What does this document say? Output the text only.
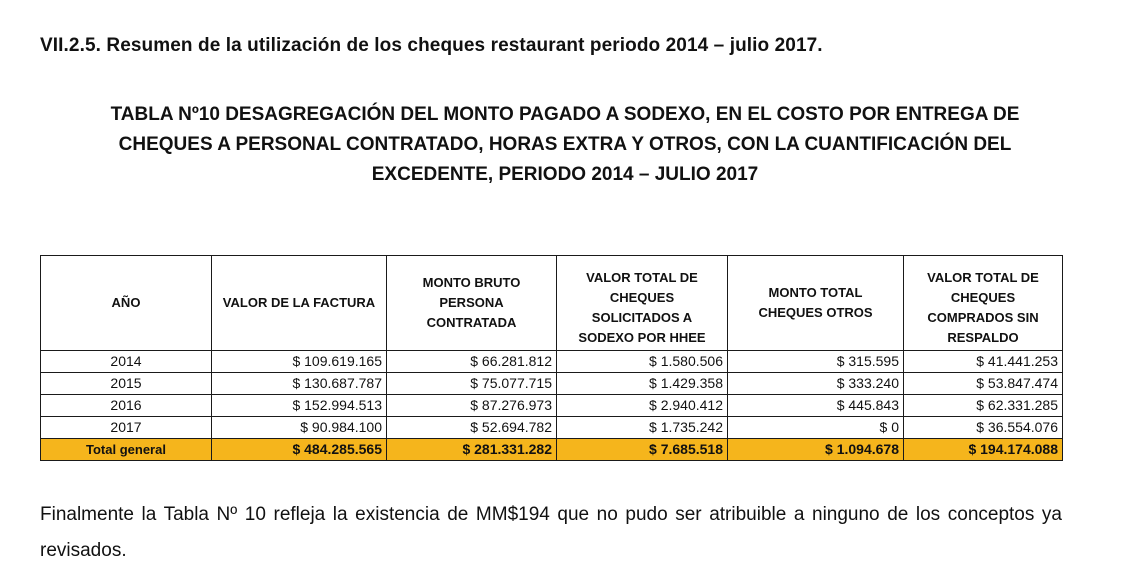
VII.2.5. Resumen de la utilización de los cheques restaurant periodo 2014 – julio 2017.
TABLA Nº10 DESAGREGACIÓN DEL MONTO PAGADO A SODEXO, EN EL COSTO POR ENTREGA DE
CHEQUES A PERSONAL CONTRATADO, HORAS EXTRA Y OTROS, CON LA CUANTIFICACIÓN DEL
EXCEDENTE, PERIODO 2014 – JULIO 2017
AÑO	VALOR DE LA FACTURA	MONTO BRUTO PERSONA CONTRATADA	VALOR TOTAL DE CHEQUES SOLICITADOS A SODEXO POR HHEE	MONTO TOTAL CHEQUES OTROS	VALOR TOTAL DE CHEQUES COMPRADOS SIN RESPALDO
2014	$ 109.619.165	$ 66.281.812	$ 1.580.506	$ 315.595	$ 41.441.253
2015	$ 130.687.787	$ 75.077.715	$ 1.429.358	$ 333.240	$ 53.847.474
2016	$ 152.994.513	$ 87.276.973	$ 2.940.412	$ 445.843	$ 62.331.285
2017	$ 90.984.100	$ 52.694.782	$ 1.735.242	$ 0	$ 36.554.076
Total general	$ 484.285.565	$ 281.331.282	$ 7.685.518	$ 1.094.678	$ 194.174.088

Finalmente la Tabla Nº 10 refleja la existencia de MM$194 que no pudo ser atribuible a ninguno de los conceptos ya revisados.
